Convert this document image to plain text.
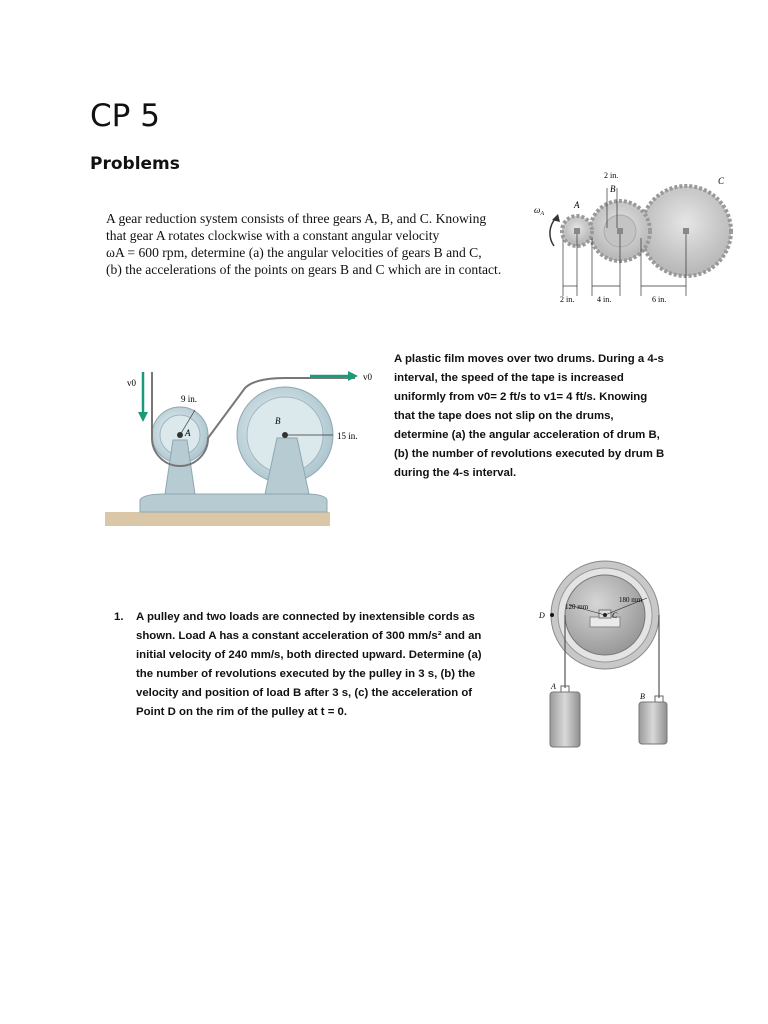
CP 5
Problems
A gear reduction system consists of three gears A, B, and C. Knowing
that gear A rotates clockwise with a constant angular velocity
ωA = 600 rpm, determine (a) the angular velocities of gears B and C,
(b) the accelerations of the points on gears B and C which are in contact.
$\omega_A$
A
B
C
2 in.
2 in.	4 in.	6 in.
v0
v0
9 in.
A	15 in.
B
A plastic film moves over two drums. During a 4-s
interval, the speed of the tape is increased
uniformly from v0= 2 ft/s to v1= 4 ft/s. Knowing
that the tape does not slip on the drums,
determine (a) the angular acceleration of drum B,
(b) the number of revolutions executed by drum B
during the 4-s interval.
1. A pulley and two loads are connected by inextensible cords as
shown. Load A has a constant acceleration of 300 mm/s² and an
initial velocity of 240 mm/s, both directed upward. Determine (a)
the number of revolutions executed by the pulley in 3 s, (b) the
velocity and position of load B after 3 s, (c) the acceleration of
Point D on the rim of the pulley at t = 0.
120 mm
180 mm
C
D
A
B
